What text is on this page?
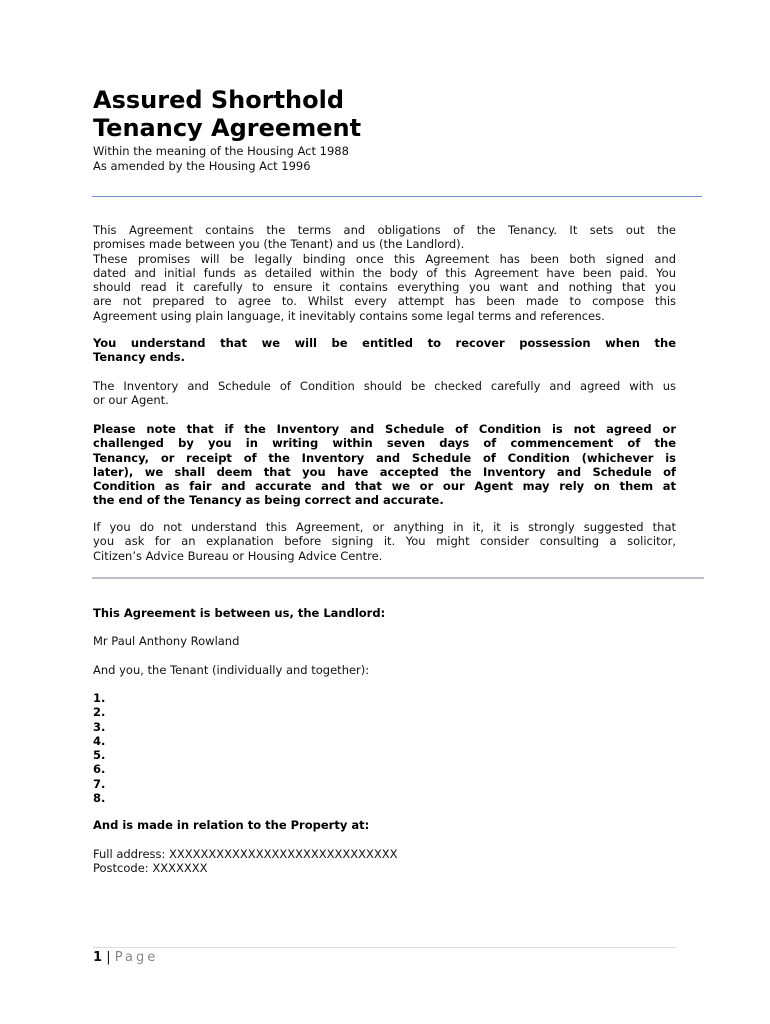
Assured Shorthold
Tenancy Agreement
Within the meaning of the Housing Act 1988
As amended by the Housing Act 1996
This Agreement contains the terms and obligations of the Tenancy. It sets out the
promises made between you (the Tenant) and us (the Landlord).
These promises will be legally binding once this Agreement has been both signed and
dated and initial funds as detailed within the body of this Agreement have been paid. You
should read it carefully to ensure it contains everything you want and nothing that you
are not prepared to agree to. Whilst every attempt has been made to compose this
Agreement using plain language, it inevitably contains some legal terms and references.
You understand that we will be entitled to recover possession when the
Tenancy ends.
The Inventory and Schedule of Condition should be checked carefully and agreed with us
or our Agent.
Please note that if the Inventory and Schedule of Condition is not agreed or
challenged by you in writing within seven days of commencement of the
Tenancy, or receipt of the Inventory and Schedule of Condition (whichever is
later), we shall deem that you have accepted the Inventory and Schedule of
Condition as fair and accurate and that we or our Agent may rely on them at
the end of the Tenancy as being correct and accurate.
If you do not understand this Agreement, or anything in it, it is strongly suggested that
you ask for an explanation before signing it. You might consider consulting a solicitor,
Citizen’s Advice Bureau or Housing Advice Centre.
This Agreement is between us, the Landlord:
Mr Paul Anthony Rowland
And you, the Tenant (individually and together):
1.
2.
3.
4.
5.
6.
7.
8.
And is made in relation to the Property at:
Full address: XXXXXXXXXXXXXXXXXXXXXXXXXXXXX
Postcode: XXXXXXX
1 | Page
